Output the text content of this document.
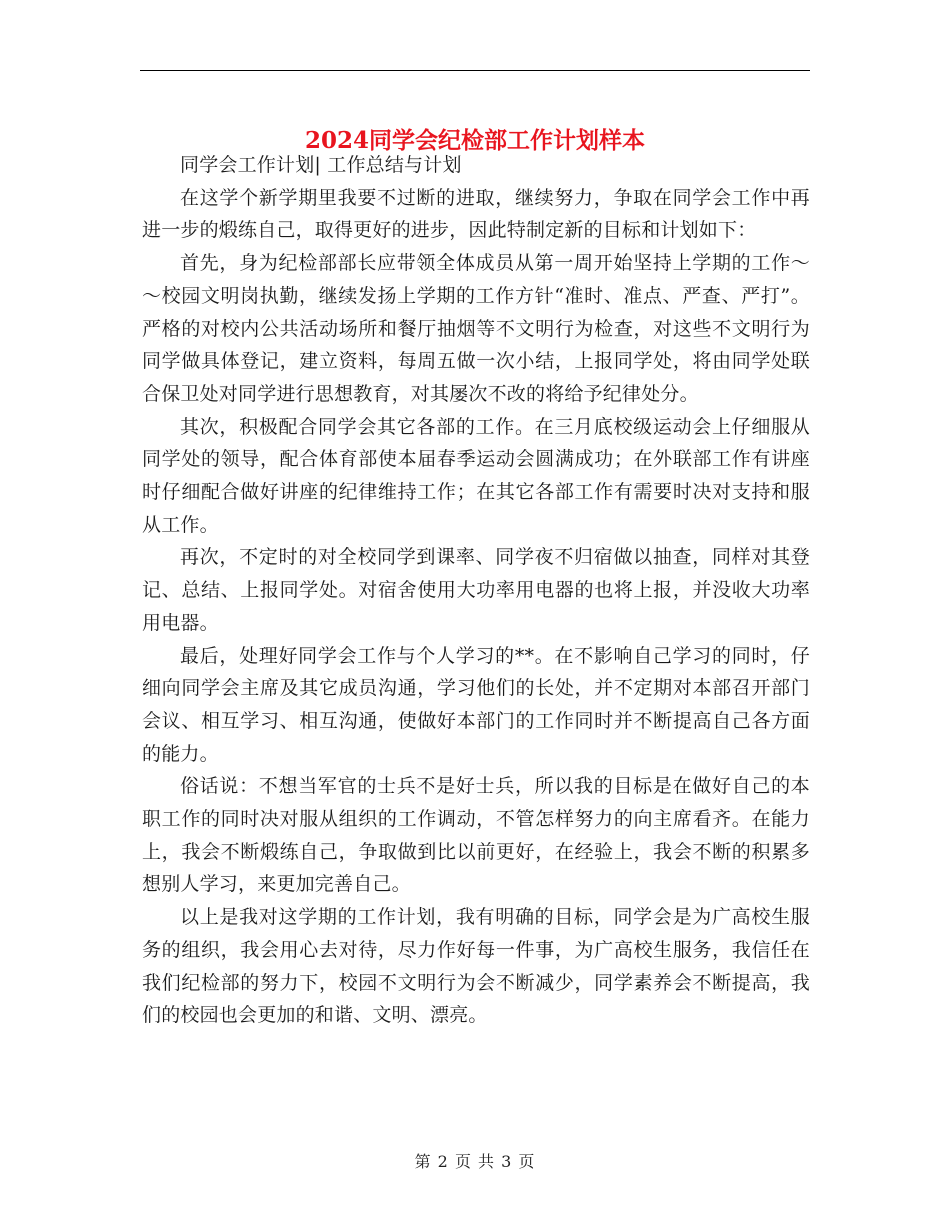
2024同学会纪检部工作计划样本

同学会工作计划| 工作总结与计划

在这学个新学期里我要不过断的进取，继续努力，争取在同学会工作中再进一步的煅练自己，取得更好的进步，因此特制定新的目标和计划如下：

首先，身为纪检部部长应带领全体成员从第一周开始坚持上学期的工作～～校园文明岗执勤，继续发扬上学期的工作方针“准时、准点、严查、严打”。严格的对校内公共活动场所和餐厅抽烟等不文明行为检查，对这些不文明行为同学做具体登记，建立资料，每周五做一次小结，上报同学处，将由同学处联合保卫处对同学进行思想教育，对其屡次不改的将给予纪律处分。

其次，积极配合同学会其它各部的工作。在三月底校级运动会上仔细服从同学处的领导，配合体育部使本届春季运动会圆满成功；在外联部工作有讲座时仔细配合做好讲座的纪律维持工作；在其它各部工作有需要时决对支持和服从工作。

再次，不定时的对全校同学到课率、同学夜不归宿做以抽查，同样对其登记、总结、上报同学处。对宿舍使用大功率用电器的也将上报，并没收大功率用电器。

最后，处理好同学会工作与个人学习的**。在不影响自己学习的同时，仔细向同学会主席及其它成员沟通，学习他们的长处，并不定期对本部召开部门会议、相互学习、相互沟通，使做好本部门的工作同时并不断提高自己各方面的能力。

俗话说：不想当军官的士兵不是好士兵，所以我的目标是在做好自己的本职工作的同时决对服从组织的工作调动，不管怎样努力的向主席看齐。在能力上，我会不断煅练自己，争取做到比以前更好，在经验上，我会不断的积累多想别人学习，来更加完善自己。

以上是我对这学期的工作计划，我有明确的目标，同学会是为广高校生服务的组织，我会用心去对待，尽力作好每一件事，为广高校生服务，我信任在我们纪检部的努力下，校园不文明行为会不断减少，同学素养会不断提高，我们的校园也会更加的和谐、文明、漂亮。

第 2 页 共 3 页
